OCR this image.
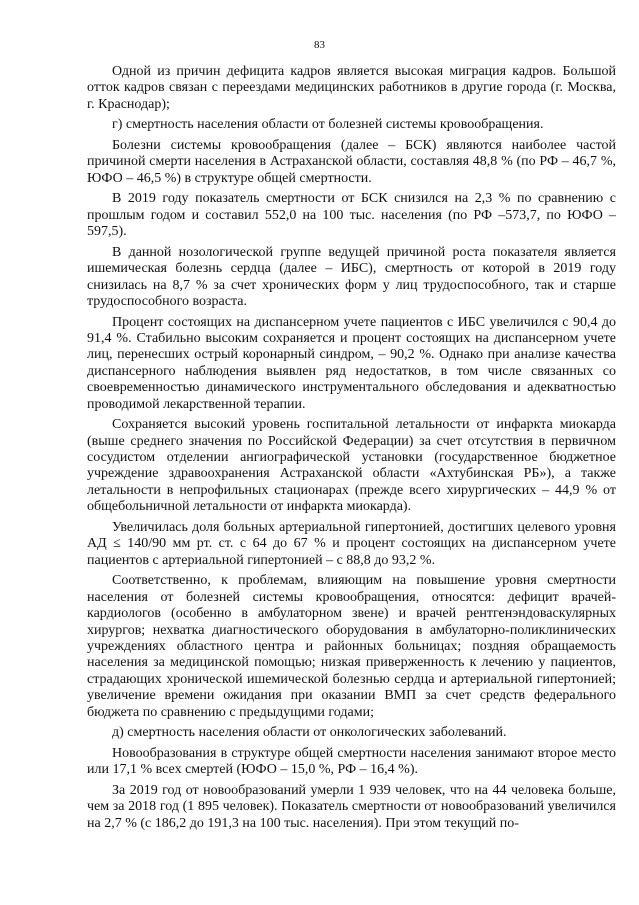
83

Одной из причин дефицита кадров является высокая миграция кадров. Большой отток кадров связан с переездами медицинских работников в другие города (г. Москва, г. Краснодар);

г) смертность населения области от болезней системы кровообращения.

Болезни системы кровообращения (далее – БСК) являются наиболее частой причиной смерти населения в Астраханской области, составляя 48,8 % (по РФ – 46,7 %, ЮФО – 46,5 %) в структуре общей смертности.

В 2019 году показатель смертности от БСК снизился на 2,3 % по сравнению с прошлым годом и составил 552,0 на 100 тыс. населения (по РФ –573,7, по ЮФО – 597,5).

В данной нозологической группе ведущей причиной роста показателя является ишемическая болезнь сердца (далее – ИБС), смертность от которой в 2019 году снизилась на 8,7 % за счет хронических форм у лиц трудоспособного, так и старше трудоспособного возраста.

Процент состоящих на диспансерном учете пациентов с ИБС увеличился с 90,4 до 91,4 %. Стабильно высоким сохраняется и процент состоящих на диспансерном учете лиц, перенесших острый коронарный синдром, – 90,2 %. Однако при анализе качества диспансерного наблюдения выявлен ряд недостатков, в том числе связанных со своевременностью динамического инструментального обследования и адекватностью проводимой лекарственной терапии.

Сохраняется высокий уровень госпитальной летальности от инфаркта миокарда (выше среднего значения по Российской Федерации) за счет отсутствия в первичном сосудистом отделении ангиографической установки (государственное бюджетное учреждение здравоохранения Астраханской области «Ахтубинская РБ»), а также летальности в непрофильных стационарах (прежде всего хирургических – 44,9 % от общебольничной летальности от инфаркта миокарда).

Увеличилась доля больных артериальной гипертонией, достигших целевого уровня АД ≤ 140/90 мм рт. ст. с 64 до 67 % и процент состоящих на диспансерном учете пациентов с артериальной гипертонией – с 88,8 до 93,2 %.

Соответственно, к проблемам, влияющим на повышение уровня смертности населения от болезней системы кровообращения, относятся: дефицит врачей-кардиологов (особенно в амбулаторном звене) и врачей рентгенэндоваскулярных хирургов; нехватка диагностического оборудования в амбулаторно-поликлинических учреждениях областного центра и районных больницах; поздняя обращаемость населения за медицинской помощью; низкая приверженность к лечению у пациентов, страдающих хронической ишемической болезнью сердца и артериальной гипертонией; увеличение времени ожидания при оказании ВМП за счет средств федерального бюджета по сравнению с предыдущими годами;

д) смертность населения области от онкологических заболеваний.

Новообразования в структуре общей смертности населения занимают второе место или 17,1 % всех смертей (ЮФО – 15,0 %, РФ – 16,4 %).

За 2019 год от новообразований умерли 1 939 человек, что на 44 человека больше, чем за 2018 год (1 895 человек). Показатель смертности от новообразований увеличился на 2,7 % (с 186,2 до 191,3 на 100 тыс. населения). При этом текущий по-
